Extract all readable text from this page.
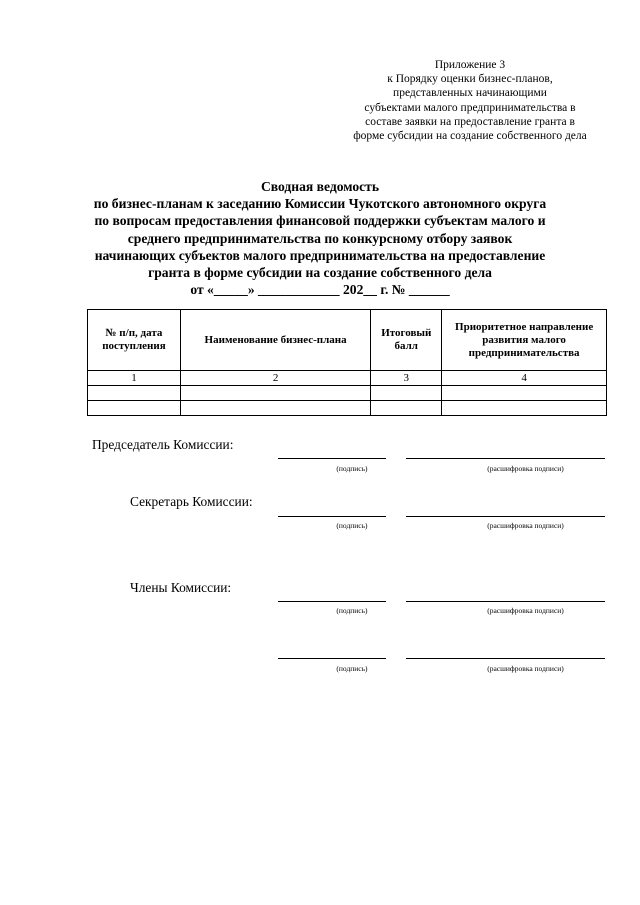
Приложение 3
к Порядку оценки бизнес-планов,
представленных начинающими
субъектами малого предпринимательства в
составе заявки на предоставление гранта в
форме субсидии на создание собственного дела
Сводная ведомость
по бизнес-планам к заседанию Комиссии Чукотского автономного округа
по вопросам предоставления финансовой поддержки субъектам малого и
среднего предпринимательства по конкурсному отбору заявок
начинающих субъектов малого предпринимательства на предоставление
гранта в форме субсидии на создание собственного дела
от «_____» ____________ 202__ г. № ______
№ п/п, дата поступления	Наименование бизнес-плана	Итоговый балл	Приоритетное направление развития малого предпринимательства
1	2	3	4

Председатель Комиссии:
(подпись)	(расшифровка подписи)
Секретарь Комиссии:
(подпись)	(расшифровка подписи)
Члены Комиссии:
(подпись)	(расшифровка подписи)
(подпись)	(расшифровка подписи)
